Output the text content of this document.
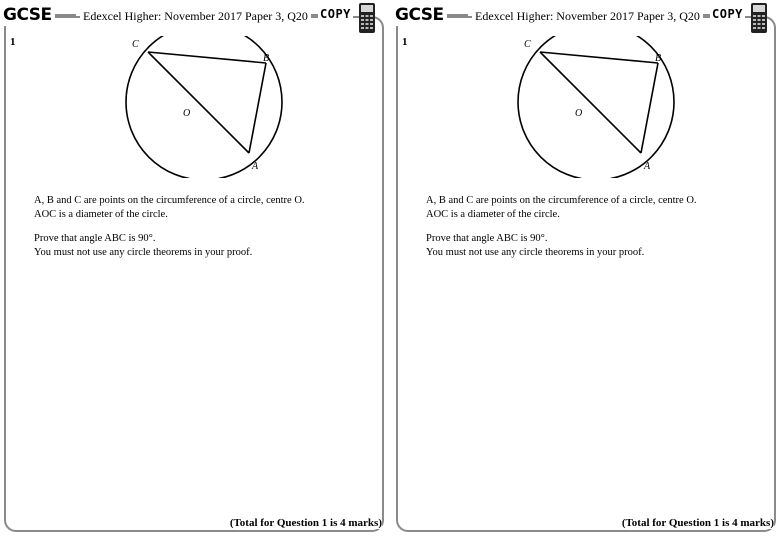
GCSE	Edexcel Higher: November 2017 Paper 3, Q20 COPY
1	C
B
O
A
A, B and C are points on the circumference of a circle, centre O.
AOC is a diameter of the circle.
Prove that angle ABC is 90°.
You must not use any circle theorems in your proof.
(Total for Question 1 is 4 marks)
GCSE	Edexcel Higher: November 2017 Paper 3, Q20 COPY
1	C
B
O
A
A, B and C are points on the circumference of a circle, centre O.
AOC is a diameter of the circle.
Prove that angle ABC is 90°.
You must not use any circle theorems in your proof.
(Total for Question 1 is 4 marks)
